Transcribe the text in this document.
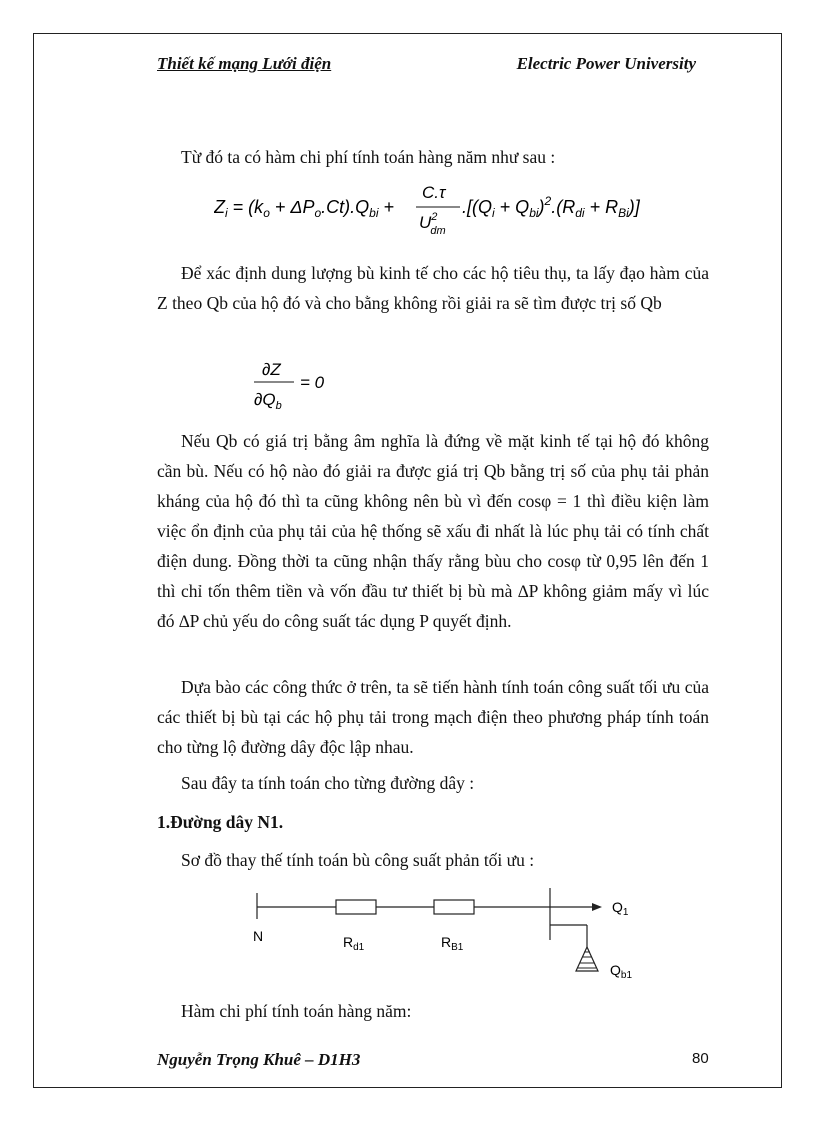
Thiết kế mạng Lưới điện	Electric Power University
Từ đó ta có hàm chi phí tính toán hàng năm như sau :
$Z_i = (k_o + \Delta P_o.Ct).Q_{bi}$ +
C.τ
$U^2$ dm
$.[(Q_i + Q_{bi})^2.(R_{di} + R_{Bi})]$
Để xác định dung lượng bù kinh tế cho các hộ tiêu thụ, ta lấy đạo hàm của Z theo Qb của hộ đó và cho bằng không rồi giải ra sẽ tìm được trị số Qb
∂Z
$\partial Q_b$
= 0
Nếu Qb có giá trị bằng âm nghĩa là đứng về mặt kinh tế tại hộ đó không cần bù. Nếu có hộ nào đó giải ra được giá trị Qb bằng trị số của phụ tải phản kháng của hộ đó thì ta cũng không nên bù vì đến cosφ = 1 thì điều kiện làm việc ổn định của phụ tải của hệ thống sẽ xấu đi nhất là lúc phụ tải có tính chất điện dung. Đồng thời ta cũng nhận thấy rằng bùu cho cosφ từ 0,95 lên đến 1 thì chỉ tốn thêm tiền và vốn đầu tư thiết bị bù mà ∆P không giảm mấy vì lúc đó ∆P chủ yếu do công suất tác dụng P quyết định.
Dựa bào các công thức ở trên, ta sẽ tiến hành tính toán công suất tối ưu của các thiết bị bù tại các hộ phụ tải trong mạch điện theo phương pháp tính toán cho từng lộ đường dây độc lập nhau.
Sau đây ta tính toán cho từng đường dây :
1.Đường dây N1.
Sơ đồ thay thế tính toán bù công suất phản tối ưu :
N	$R_{d1}$	$R_{B1}$
$Q_1$
$Q_{b1}$
Hàm chi phí tính toán hàng năm:
Nguyễn Trọng Khuê – D1H3	80
